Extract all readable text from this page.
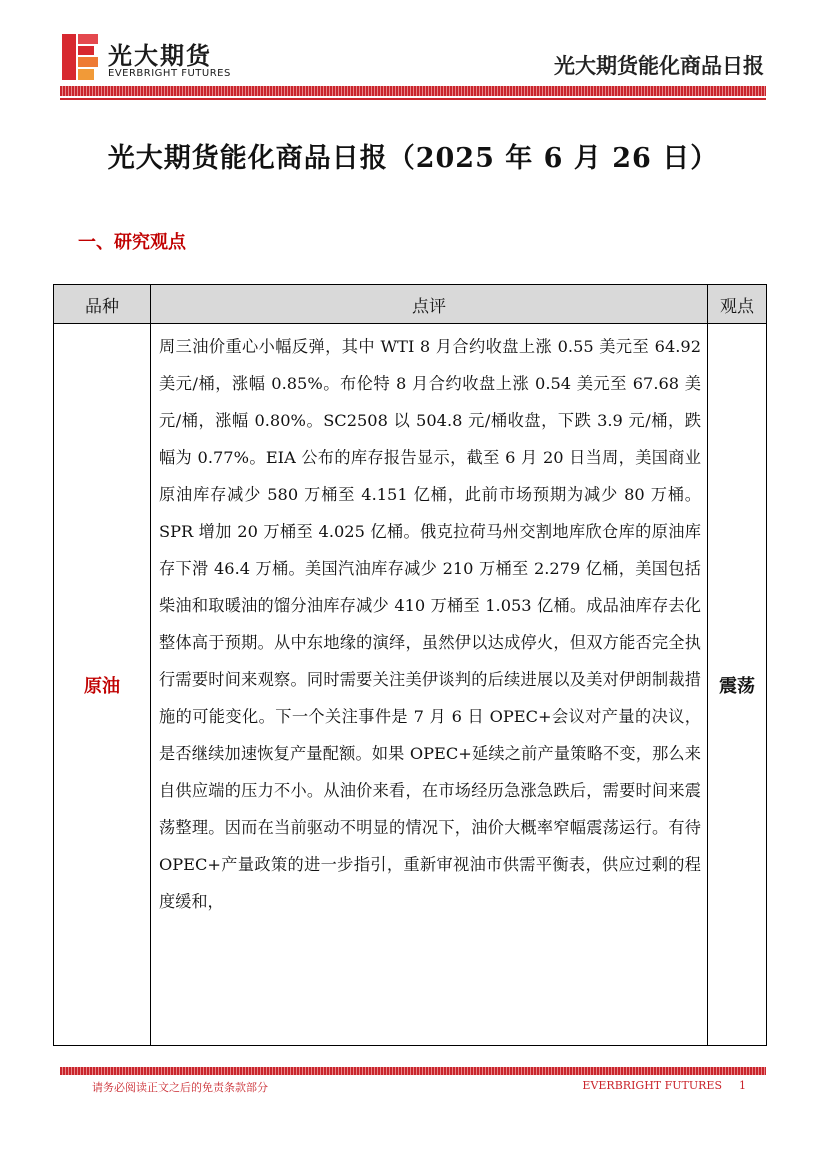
光大期货
EVERBRIGHT FUTURES	光大期货能化商品日报
光大期货能化商品日报（2025 年 6 月 26 日）
一、研究观点
品种	点评	观点
原油	周三油价重心小幅反弹，其中 WTI 8 月合约收盘上涨 0.55 美元至 64.92 美元/桶，涨幅 0.85%。布伦特 8 月合约收盘上涨 0.54 美元至 67.68 美元/桶，涨幅 0.80%。SC2508 以 504.8 元/桶收盘，下跌 3.9 元/桶，跌幅为 0.77%。EIA 公布的库存报告显示，截至 6 月 20 日当周，美国商业原油库存减少 580 万桶至 4.151 亿桶，此前市场预期为减少 80 万桶。SPR 增加 20 万桶至 4.025 亿桶。俄克拉荷马州交割地库欣仓库的原油库存下滑 46.4 万桶。美国汽油库存减少 210 万桶至 2.279 亿桶，美国包括柴油和取暖油的馏分油库存减少 410 万桶至 1.053 亿桶。成品油库存去化整体高于预期。从中东地缘的演绎，虽然伊以达成停火，但双方能否完全执行需要时间来观察。同时需要关注美伊谈判的后续进展以及美对伊朗制裁措施的可能变化。下一个关注事件是 7 月 6 日 OPEC+会议对产量的决议，是否继续加速恢复产量配额。如果 OPEC+延续之前产量策略不变，那么来自供应端的压力不小。从油价来看，在市场经历急涨急跌后，需要时间来震荡整理。因而在当前驱动不明显的情况下，油价大概率窄幅震荡运行。有待 OPEC+产量政策的进一步指引，重新审视油市供需平衡表，供应过剩的程度缓和，	震荡
请务必阅读正文之后的免责条款部分	EVERBRIGHT FUTURES 1
